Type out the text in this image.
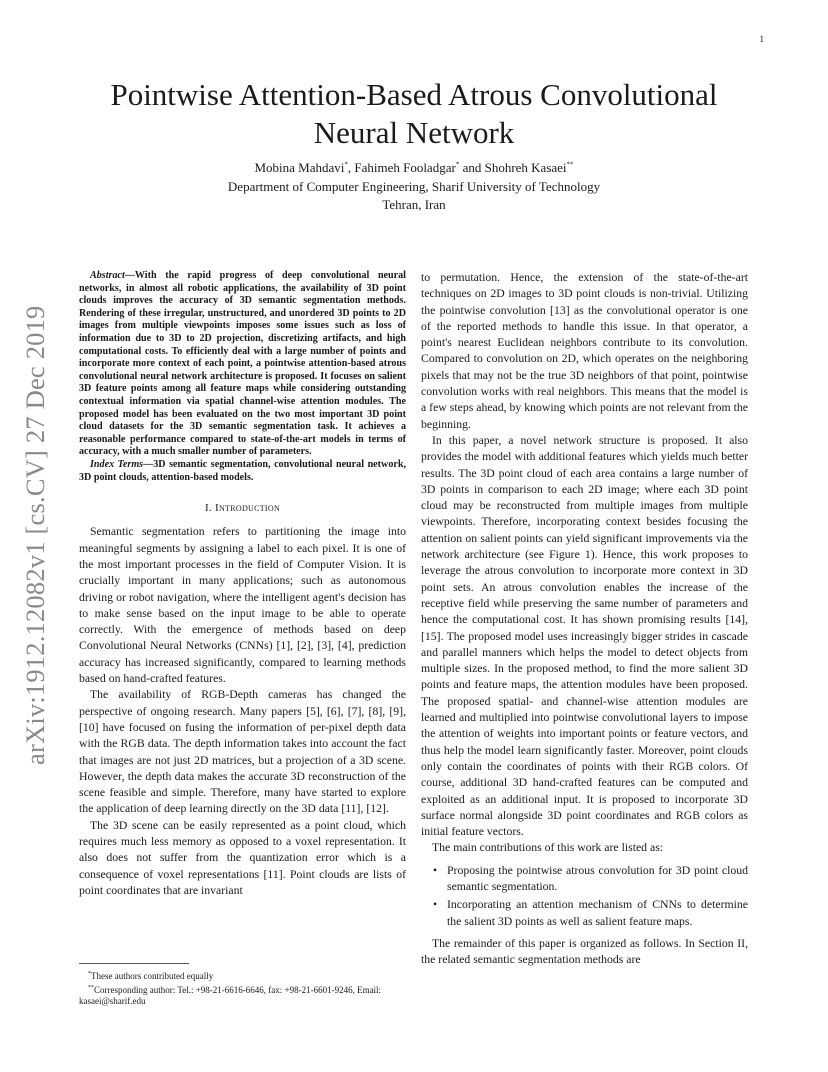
1
arXiv:1912.12082v1 [cs.CV] 27 Dec 2019
Pointwise Attention-Based Atrous Convolutional Neural Network
Mobina Mahdavi*, Fahimeh Fooladgar* and Shohreh Kasaei**
Department of Computer Engineering, Sharif University of Technology
Tehran, Iran

Abstract—With the rapid progress of deep convolutional neural networks, in almost all robotic applications, the availability of 3D point clouds improves the accuracy of 3D semantic segmentation methods. Rendering of these irregular, unstructured, and unordered 3D points to 2D images from multiple viewpoints imposes some issues such as loss of information due to 3D to 2D projection, discretizing artifacts, and high computational costs. To efficiently deal with a large number of points and incorporate more context of each point, a pointwise attention-based atrous convolutional neural network architecture is proposed. It focuses on salient 3D feature points among all feature maps while considering outstanding contextual information via spatial channel-wise attention modules. The proposed model has been evaluated on the two most important 3D point cloud datasets for the 3D semantic segmentation task. It achieves a reasonable performance compared to state-of-the-art models in terms of accuracy, with a much smaller number of parameters.

Index Terms—3D semantic segmentation, convolutional neural network, 3D point clouds, attention-based models.

I. Introduction

Semantic segmentation refers to partitioning the image into meaningful segments by assigning a label to each pixel. It is one of the most important processes in the field of Computer Vision. It is crucially important in many applications; such as autonomous driving or robot navigation, where the intelligent agent's decision has to make sense based on the input image to be able to operate correctly. With the emergence of methods based on deep Convolutional Neural Networks (CNNs) [1], [2], [3], [4], prediction accuracy has increased significantly, compared to learning methods based on hand-crafted features.

The availability of RGB-Depth cameras has changed the perspective of ongoing research. Many papers [5], [6], [7], [8], [9], [10] have focused on fusing the information of per-pixel depth data with the RGB data. The depth information takes into account the fact that images are not just 2D matrices, but a projection of a 3D scene. However, the depth data makes the accurate 3D reconstruction of the scene feasible and simple. Therefore, many have started to explore the application of deep learning directly on the 3D data [11], [12].

The 3D scene can be easily represented as a point cloud, which requires much less memory as opposed to a voxel representation. It also does not suffer from the quantization error which is a consequence of voxel representations [11]. Point clouds are lists of point coordinates that are invariant

to permutation. Hence, the extension of the state-of-the-art techniques on 2D images to 3D point clouds is non-trivial. Utilizing the pointwise convolution [13] as the convolutional operator is one of the reported methods to handle this issue. In that operator, a point's nearest Euclidean neighbors contribute to its convolution. Compared to convolution on 2D, which operates on the neighboring pixels that may not be the true 3D neighbors of that point, pointwise convolution works with real neighbors. This means that the model is a few steps ahead, by knowing which points are not relevant from the beginning.

In this paper, a novel network structure is proposed. It also provides the model with additional features which yields much better results. The 3D point cloud of each area contains a large number of 3D points in comparison to each 2D image; where each 3D point cloud may be reconstructed from multiple images from multiple viewpoints. Therefore, incorporating context besides focusing the attention on salient points can yield significant improvements via the network architecture (see Figure 1). Hence, this work proposes to leverage the atrous convolution to incorporate more context in 3D point sets. An atrous convolution enables the increase of the receptive field while preserving the same number of parameters and hence the computational cost. It has shown promising results [14], [15]. The proposed model uses increasingly bigger strides in cascade and parallel manners which helps the model to detect objects from multiple sizes. In the proposed method, to find the more salient 3D points and feature maps, the attention modules have been proposed. The proposed spatial- and channel-wise attention modules are learned and multiplied into pointwise convolutional layers to impose the attention of weights into important points or feature vectors, and thus help the model learn significantly faster. Moreover, point clouds only contain the coordinates of points with their RGB colors. Of course, additional 3D hand-crafted features can be computed and exploited as an additional input. It is proposed to incorporate 3D surface normal alongside 3D point coordinates and RGB colors as initial feature vectors.

The main contributions of this work are listed as:

• Proposing the pointwise atrous convolution for 3D point cloud semantic segmentation.
• Incorporating an attention mechanism of CNNs to determine the salient 3D points as well as salient feature maps.

The remainder of this paper is organized as follows. In Section II, the related semantic segmentation methods are

*These authors contributed equally

**Corresponding author: Tel.: +98-21-6616-6646, fax: +98-21-6601-9246, Email: kasaei@sharif.edu
